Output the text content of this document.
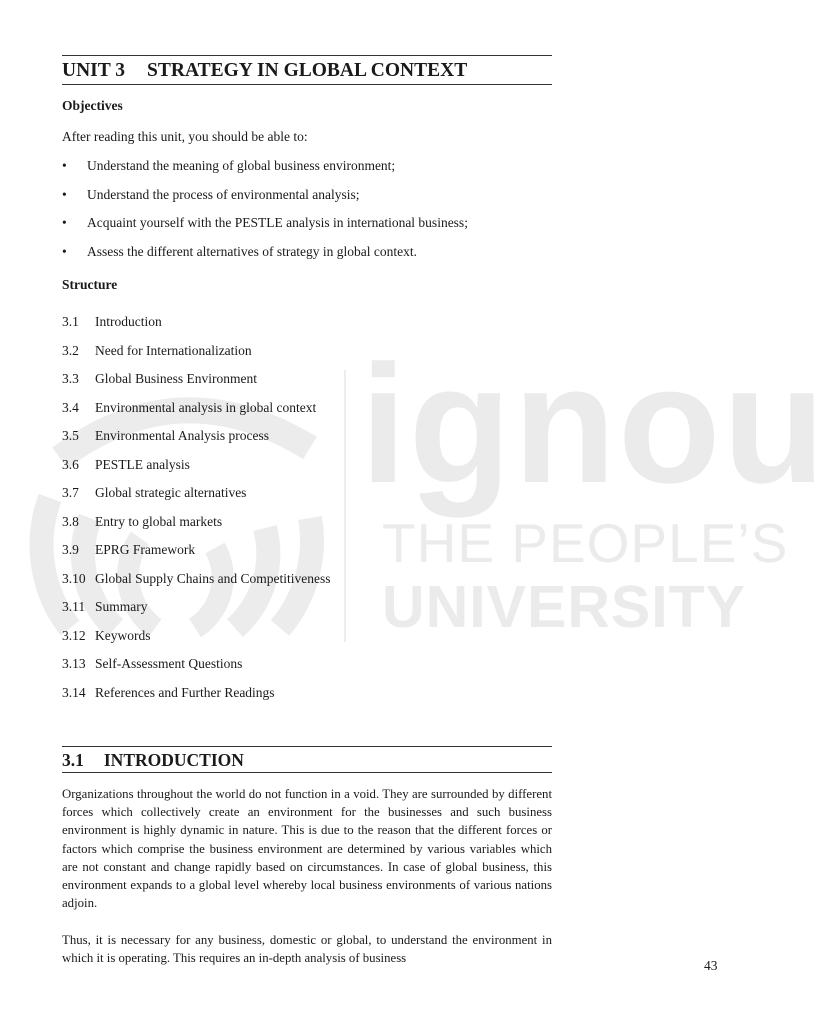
ignou
THE PEOPLE’S
UNIVERSITY
UNIT 3 STRATEGY IN GLOBAL CONTEXT
Objectives
After reading this unit, you should be able to:
• Understand the meaning of global business environment;
• Understand the process of environmental analysis;
• Acquaint yourself with the PESTLE analysis in international business;
• Assess the different alternatives of strategy in global context.
Structure
3.1 Introduction
3.2 Need for Internationalization
3.3 Global Business Environment
3.4 Environmental analysis in global context
3.5 Environmental Analysis process
3.6 PESTLE analysis
3.7 Global strategic alternatives
3.8 Entry to global markets
3.9 EPRG Framework
3.10 Global Supply Chains and Competitiveness
3.11 Summary
3.12 Keywords
3.13 Self-Assessment Questions
3.14 References and Further Readings
3.1 INTRODUCTION
Organizations throughout the world do not function in a void. They are surrounded by different forces which collectively create an environment for the businesses and such business environment is highly dynamic in nature. This is due to the reason that the different forces or factors which comprise the business environment are determined by various variables which are not constant and change rapidly based on circumstances. In case of global business, this environment expands to a global level whereby local business environments of various nations adjoin.
Thus, it is necessary for any business, domestic or global, to understand the environment in which it is operating. This requires an in-depth analysis of business	43
